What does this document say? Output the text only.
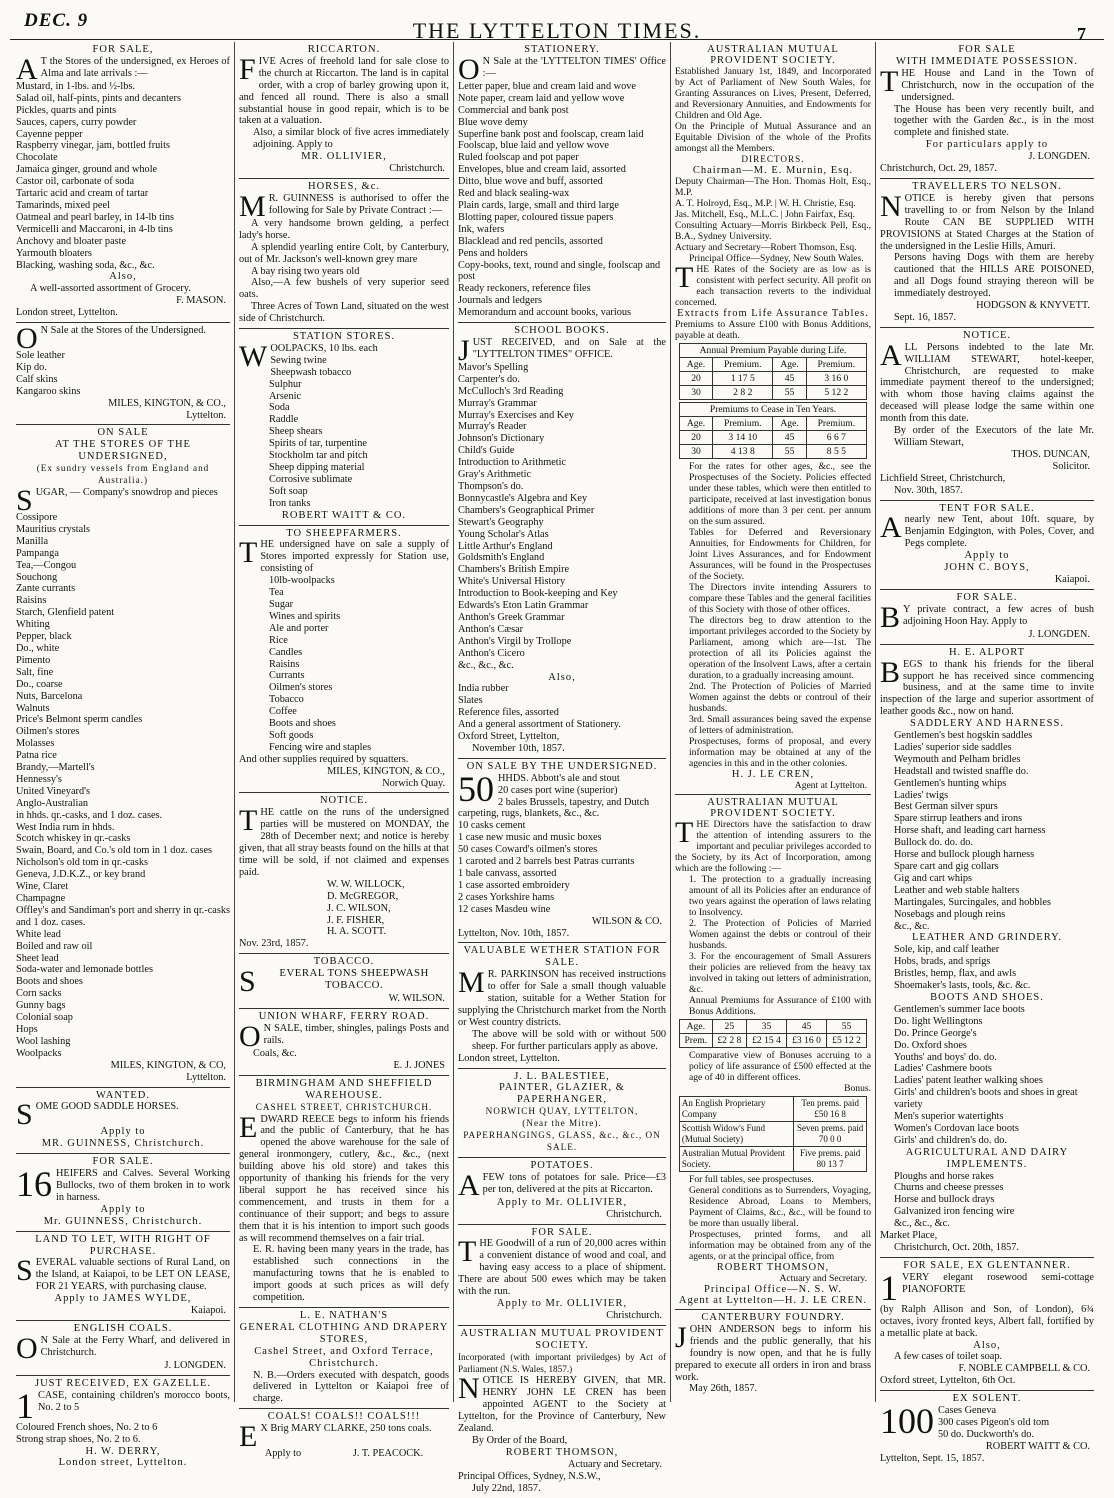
DEC. 9	THE LYTTELTON TIMES.	7
FOR SALE,
A T the Stores of the undersigned, ex Heroes of Alma and late arrivals :—
Mustard, in 1-lbs. and ½-lbs.
Salad oil, half-pints, pints and decanters
Pickles, quarts and pints
Sauces, capers, curry powder
Cayenne pepper
Raspberry vinegar, jam, bottled fruits
Chocolate
Jamaica ginger, ground and whole
Castor oil, carbonate of soda
Tartaric acid and cream of tartar
Tamarinds, mixed peel
Oatmeal and pearl barley, in 14-lb tins
Vermicelli and Maccaroni, in 4-lb tins
Anchovy and bloater paste
Yarmouth bloaters
Blacking, washing soda, &c., &c.
Also,
A well-assorted assortment of Grocery.
F. MASON.
London street, Lyttelton.
O N Sale at the Stores of the Undersigned.
Sole leather
Kip do.
Calf skins
Kangaroo skins
MILES, KINGTON, & CO.,
Lyttelton.
ON SALE
AT THE STORES OF THE UNDERSIGNED,
(Ex sundry vessels from England and Australia.)
SUGAR, — Company's snowdrop and pieces
Cossipore
Mauritius crystals
Manilla
Pampanga
Tea,—Congou
Souchong
Zante currants
Raisins
Starch, Glenfield patent
Whiting
Pepper, black
Do., white
Pimento
Salt, fine
Do., coarse
Nuts, Barcelona
Walnuts
Price's Belmont sperm candles
Oilmen's stores
Molasses
Patna rice
Brandy,—Martell's
Hennessy's
United Vineyard's
Anglo-Australian
in hhds. qr.-casks, and 1 doz. cases.
West India rum in hhds.
Scotch whiskey in qr.-casks
Swain, Board, and Co.'s old tom in 1 doz. cases
Nicholson's old tom in qr.-casks
Geneva, J.D.K.Z., or key brand
Wine, Claret
Champagne
Offley's and Sandiman's port and sherry in qr.-casks and 1 doz. cases.
White lead
Boiled and raw oil
Sheet lead
Soda-water and lemonade bottles
Boots and shoes
Corn sacks
Gunny bags
Colonial soap
Hops
Wool lashing
Woolpacks
MILES, KINGTON, & CO,
Lyttelton.
WANTED.
SOME GOOD SADDLE HORSES.
Apply to
MR. GUINNESS, Christchurch.
FOR SALE.
16 HEIFERS and Calves. Several Working Bullocks, two of them broken in to work in harness.
Apply to
Mr. GUINNESS, Christchurch.
LAND TO LET, WITH RIGHT OF PURCHASE.
SEVERAL valuable sections of Rural Land, on the Island, at Kaiapoi, to be LET ON LEASE, FOR 21 YEARS, with purchasing clause.
Apply to JAMES WYLDE,
Kaiapoi.
ENGLISH COALS.
O N Sale at the Ferry Wharf, and delivered in Christchurch.
J. LONGDEN.
JUST RECEIVED, EX GAZELLE.
1 CASE, containing children's morocco boots, No. 2 to 5
Coloured French shoes, No. 2 to 6
Strong strap shoes, No. 2 to 6.
H. W. DERRY,
London street, Lyttelton.
RICCARTON.
FIVE Acres of freehold land for sale close to the church at Riccarton. The land is in capital order, with a crop of barley growing upon it, and fenced all round. There is also a small substantial house in good repair, which is to be taken at a valuation.
Also, a similar block of five acres immediately adjoining. Apply to
MR. OLLIVIER,
Christchurch.
HORSES, &c.
M R. GUINNESS is authorised to offer the following for Sale by Private Contract :—
A very handsome brown gelding, a perfect lady's horse.
A splendid yearling entire Colt, by Canterbury, out of Mr. Jackson's well-known grey mare
A bay rising two years old
Also,—A few bushels of very superior seed oats.
Three Acres of Town Land, situated on the west side of Christchurch.
STATION STORES.
WOOLPACKS, 10 lbs. each
Sewing twine
Sheepwash tobacco
Sulphur
Arsenic
Soda
Raddle
Sheep shears
Spirits of tar, turpentine
Stockholm tar and pitch
Sheep dipping material
Corrosive sublimate
Soft soap
Iron tanks
ROBERT WAITT & CO.
TO SHEEPFARMERS.
THE undersigned have on sale a supply of Stores imported expressly for Station use, consisting of
10lb-woolpacks
Tea
Sugar
Wines and spirits
Ale and porter
Rice
Candles
Raisins
Currants
Oilmen's stores
Tobacco
Coffee
Boots and shoes
Soft goods
Fencing wire and staples
And other supplies required by squatters.
MILES, KINGTON, & CO.,
Norwich Quay.
NOTICE.
THE cattle on the runs of the undersigned parties will be mustered on MONDAY, the 28th of December next; and notice is hereby given, that all stray beasts found on the hills at that time will be sold, if not claimed and expenses paid.
W. W. WILLOCK,
D. McGREGOR,
J. C. WILSON,
J. F. FISHER,
H. A. SCOTT.
Nov. 23rd, 1857.
TOBACCO.
S EVERAL TONS SHEEPWASH TOBACCO.
W. WILSON.
UNION WHARF, FERRY ROAD.
O N SALE, timber, shingles, palings Posts and rails.
Coals, &c.
E. J. JONES
BIRMINGHAM AND SHEFFIELD WAREHOUSE.
CASHEL STREET, CHRISTCHURCH.
EDWARD REECE begs to inform his friends and the public of Canterbury, that he has opened the above warehouse for the sale of general ironmongery, cutlery, &c., &c., (next building above his old store) and takes this opportunity of thanking his friends for the very liberal support he has received since his commencement, and trusts in them for a continuance of their support; and begs to assure them that it is his intention to import such goods as will recommend themselves on a fair trial.
E. R. having been many years in the trade, has established such connections in the manufacturing towns that he is enabled to import goods at such prices as will defy competition.
L. E. NATHAN'S
GENERAL CLOTHING AND DRAPERY STORES,
Cashel Street, and Oxford Terrace, Christchurch.
N. B.—Orders executed with despatch, goods delivered in Lyttelton or Kaiapoi free of charge.
COALS! COALS!! COALS!!!
E X Brig MARY CLARKE, 250 tons coals.
Apply to	J. T. PEACOCK.
STATIONERY.
O N Sale at the 'LYTTELTON TIMES' Office :—
Letter paper, blue and cream laid and wove
Note paper, cream laid and yellow wove
Commercial and bank post
Blue wove demy
Superfine bank post and foolscap, cream laid
Foolscap, blue laid and yellow wove
Ruled foolscap and pot paper
Envelopes, blue and cream laid, assorted
Ditto, blue wove and buff, assorted
Red and black sealing-wax
Plain cards, large, small and third large
Blotting paper, coloured tissue papers
Ink, wafers
Blacklead and red pencils, assorted
Pens and holders
Copy-books, text, round and single, foolscap and post
Ready reckoners, reference files
Journals and ledgers
Memorandum and account books, various
SCHOOL BOOKS.
JUST RECEIVED, and on Sale at the "LYTTELTON TIMES" OFFICE.
Mavor's Spelling
Carpenter's do.
McCulloch's 3rd Reading
Murray's Grammar
Murray's Exercises and Key
Murray's Reader
Johnson's Dictionary
Child's Guide
Introduction to Arithmetic
Gray's Arithmetic
Thompson's do.
Bonnycastle's Algebra and Key
Chambers's Geographical Primer
Stewart's Geography
Young Scholar's Atlas
Little Arthur's England
Goldsmith's England
Chambers's British Empire
White's Universal History
Introduction to Book-keeping and Key
Edwards's Eton Latin Grammar
Anthon's Greek Grammar
Anthon's Cæsar
Anthon's Virgil by Trollope
Anthon's Cicero
&c., &c., &c.
Also,
India rubber
Slates
Reference files, assorted
And a general assortment of Stationery.
Oxford Street, Lyttelton,
November 10th, 1857.
ON SALE BY THE UNDERSIGNED.
50 HHDS. Abbott's ale and stout
20 cases port wine (superior)
2 bales Brussels, tapestry, and Dutch carpeting, rugs, blankets, &c., &c.
10 casks cement
1 case new music and music boxes
50 cases Coward's oilmen's stores
1 caroted and 2 barrels best Patras currants
1 bale canvass, assorted
1 case assorted embroidery
2 cases Yorkshire hams
12 cases Masdeu wine
WILSON & CO.
Lyttelton, Nov. 10th, 1857.
VALUABLE WETHER STATION FOR SALE.
M R. PARKINSON has received instructions to offer for Sale a small though valuable station, suitable for a Wether Station for supplying the Christchurch market from the North or West country districts.
The above will be sold with or without 500 sheep. For further particulars apply as above.
London street, Lyttelton.
J. L. BALESTIEE,
PAINTER, GLAZIER, & PAPERHANGER,
NORWICH QUAY, LYTTELTON,
(Near the Mitre).
PAPERHANGINGS, GLASS, &c., &c., ON SALE.
POTATOES.
AFEW tons of potatoes for sale. Price—£3 per ton, delivered at the pits at Riccarton.
Apply to Mr. OLLIVIER,
Christchurch.
FOR SALE.
THE Goodwill of a run of 20,000 acres within a convenient distance of wood and coal, and having easy access to a place of shipment. There are about 500 ewes which may be taken with the run.
Apply to Mr. OLLIVIER,
Christchurch.
AUSTRALIAN MUTUAL PROVIDENT SOCIETY.
Incorporated (with important priviledges) by Act of Parliament (N.S. Wales, 1857.)
NOTICE IS HEREBY GIVEN, that MR. HENRY JOHN LE CREN has been appointed AGENT to the Society at Lyttelton, for the Province of Canterbury, New Zealand.
By Order of the Board,
ROBERT THOMSON,
Actuary and Secretary.
Principal Offices, Sydney, N.S.W.,
July 22nd, 1857.
AUSTRALIAN MUTUAL PROVIDENT SOCIETY.
Established January 1st, 1849, and Incorporated by Act of Parliament of New South Wales, for Granting Assurances on Lives, Present, Deferred, and Reversionary Annuities, and Endowments for Children and Old Age.
On the Principle of Mutual Assurance and an Equitable Division of the whole of the Profits amongst all the Members.
DIRECTORS.
Chairman—M. E. Murnin, Esq.
Deputy Chairman—The Hon. Thomas Holt, Esq., M.P.
A. T. Holroyd, Esq., M.P. | W. H. Christie, Esq.
Jas. Mitchell, Esq., M.L.C. | John Fairfax, Esq.
Consulting Actuary—Morris Birkbeck Pell, Esq., B.A., Sydney University.
Actuary and Secretary—Robert Thomson, Esq.
Principal Office—Sydney, New South Wales.
THE Rates of the Society are as low as is consistent with perfect security. All profit on each transaction reverts to the individual concerned.
Extracts from Life Assurance Tables.
Premiums to Assure £100 with Bonus Additions, payable at death.
Annual Premium Payable during Life.			
Age.	Premium.	Age.	Premium.
20	1 17 5	45	3 16 0
30	2 8 2	55	5 12 2
Premiums to Cease in Ten Years.			
Age.	Premium.	Age.	Premium.
20	3 14 10	45	6 6 7
30	4 13 8	55	8 5 5
For the rates for other ages, &c., see the Prospectuses of the Society. Policies effected under these tables, which were then entitled to participate, received at last investigation bonus additions of more than 3 per cent. per annum on the sum assured.
Tables for Deferred and Reversionary Annuities, for Endowments for Children, for Joint Lives Assurances, and for Endowment Assurances, will be found in the Prospectuses of the Society.
The Directors invite intending Assurers to compare these Tables and the general facilities of this Society with those of other offices.
The directors beg to draw attention to the important privileges accorded to the Society by Parliament, among which are—1st. The protection of all its Policies against the operation of the Insolvent Laws, after a certain duration, to a gradually increasing amount.
2nd. The Protection of Policies of Married Women against the debts or controul of their husbands.
3rd. Small assurances being saved the expense of letters of administration.
Prospectuses, forms of proposal, and every information may be obtained at any of the agencies in this and in the other colonies.
H. J. LE CREN,
Agent at Lyttelton.
AUSTRALIAN MUTUAL PROVIDENT SOCIETY.
THE Directors have the satisfaction to draw the attention of intending assurers to the important and peculiar privileges accorded to the Society, by its Act of Incorporation, among which are the following :—
1. The protection to a gradually increasing amount of all its Policies after an endurance of two years against the operation of laws relating to Insolvency.
2. The Protection of Policies of Married Women against the debts or controul of their husbands.
3. For the encouragement of Small Assurers their policies are relieved from the heavy tax involved in taking out letters of administration, &c.
Annual Premiums for Assurance of £100 with Bonus Additions.
Age.	25	35	45	55
Prem.	£2 2 8	£2 15 4	£3 16 0	£5 12 2
Comparative view of Bonuses accruing to a policy of life assurance of £500 effected at the age of 40 in different offices.
Bonus.
An English Proprietary Company	Ten prems. paid £50 16 8
Scottish Widow's Fund (Mutual Society)	Seven prems. paid 70 0 0
Australian Mutual Provident Society.	Five prems. paid 80 13 7
For full tables, see prospectuses.
General conditions as to Surrenders, Voyaging, Residence Abroad, Loans to Members, Payment of Claims, &c., &c., will be found to be more than usually liberal.
Prospectuses, printed forms, and all information may be obtained from any of the agents, or at the principal office, from
ROBERT THOMSON,
Actuary and Secretary.
Principal Office—N. S. W.
Agent at Lyttelton—H. J. LE CREN.
CANTERBURY FOUNDRY.
JOHN ANDERSON begs to inform his friends and the public generally, that his foundry is now open, and that he is fully prepared to execute all orders in iron and brass work.
May 26th, 1857.
FOR SALE
WITH IMMEDIATE POSSESSION.
THE House and Land in the Town of Christchurch, now in the occupation of the undersigned.
The House has been very recently built, and together with the Garden &c., is in the most complete and finished state.
For particulars apply to
J. LONGDEN.
Christchurch, Oct. 29, 1857.
TRAVELLERS TO NELSON.
NOTICE is hereby given that persons travelling to or from Nelson by the Inland Route CAN BE SUPPLIED WITH PROVISIONS at Stated Charges at the Station of the undersigned in the Leslie Hills, Amuri.
Persons having Dogs with them are hereby cautioned that the HILLS ARE POISONED, and all Dogs found straying thereon will be immediately destroyed.
HODGSON & KNYVETT.
Sept. 16, 1857.
NOTICE.
ALL Persons indebted to the late Mr. WILLIAM STEWART, hotel-keeper, Christchurch, are requested to make immediate payment thereof to the undersigned; with whom those having claims against the deceased will please lodge the same within one month from this date.
By order of the Executors of the late Mr. William Stewart,
THOS. DUNCAN,
Solicitor.
Lichfield Street, Christchurch,
Nov. 30th, 1857.
TENT FOR SALE.
Anearly new Tent, about 10ft. square, by Benjamin Edgington, with Poles, Cover, and Pegs complete.
Apply to
JOHN C. BOYS,
Kaiapoi.
FOR SALE.
B Y private contract, a few acres of bush adjoining Hoon Hay. Apply to
J. LONGDEN.
H. E. ALPORT
BEGS to thank his friends for the liberal support he has received since commencing business, and at the same time to invite inspection of the large and superior assortment of leather goods &c., now on hand.
SADDLERY AND HARNESS.
Gentlemen's best hogskin saddles
Ladies' superior side saddles
Weymouth and Pelham bridles
Headstall and twisted snaffle do.
Gentlemen's hunting whips
Ladies' twigs
Best German silver spurs
Spare stirrup leathers and irons
Horse shaft, and leading cart harness
Bullock do. do. do.
Horse and bullock plough harness
Spare cart and gig collars
Gig and cart whips
Leather and web stable halters
Martingales, Surcingales, and hobbles
Nosebags and plough reins
&c., &c.
LEATHER AND GRINDERY.
Sole, kip, and calf leather
Hobs, brads, and sprigs
Bristles, hemp, flax, and awls
Shoemaker's lasts, tools, &c. &c.
BOOTS AND SHOES.
Gentlemen's summer lace boots
Do. light Wellingtons
Do. Prince George's
Do. Oxford shoes
Youths' and boys' do. do.
Ladies' Cashmere boots
Ladies' patent leather walking shoes
Girls' and children's boots and shoes in great variety
Men's superior watertights
Women's Cordovan lace boots
Girls' and children's do. do.
AGRICULTURAL AND DAIRY IMPLEMENTS.
Ploughs and horse rakes
Churns and cheese presses
Horse and bullock drays
Galvanized iron fencing wire
&c., &c., &c.
Market Place,
Christchurch, Oct. 20th, 1857.
FOR SALE, EX GLENTANNER.
1 VERY elegant rosewood semi-cottage PIANOFORTE
(by Ralph Allison and Son, of London), 6¾ octaves, ivory fronted keys, Albert fall, fortified by a metallic plate at back.
Also,
A few cases of toilet soap.
F. NOBLE CAMPBELL & CO.
Oxford street, Lyttelton, 6th Oct.
EX SOLENT.
100 Cases Geneva
300 cases Pigeon's old tom
50 do. Duckworth's do.
ROBERT WAITT & CO.
Lyttelton, Sept. 15, 1857.
